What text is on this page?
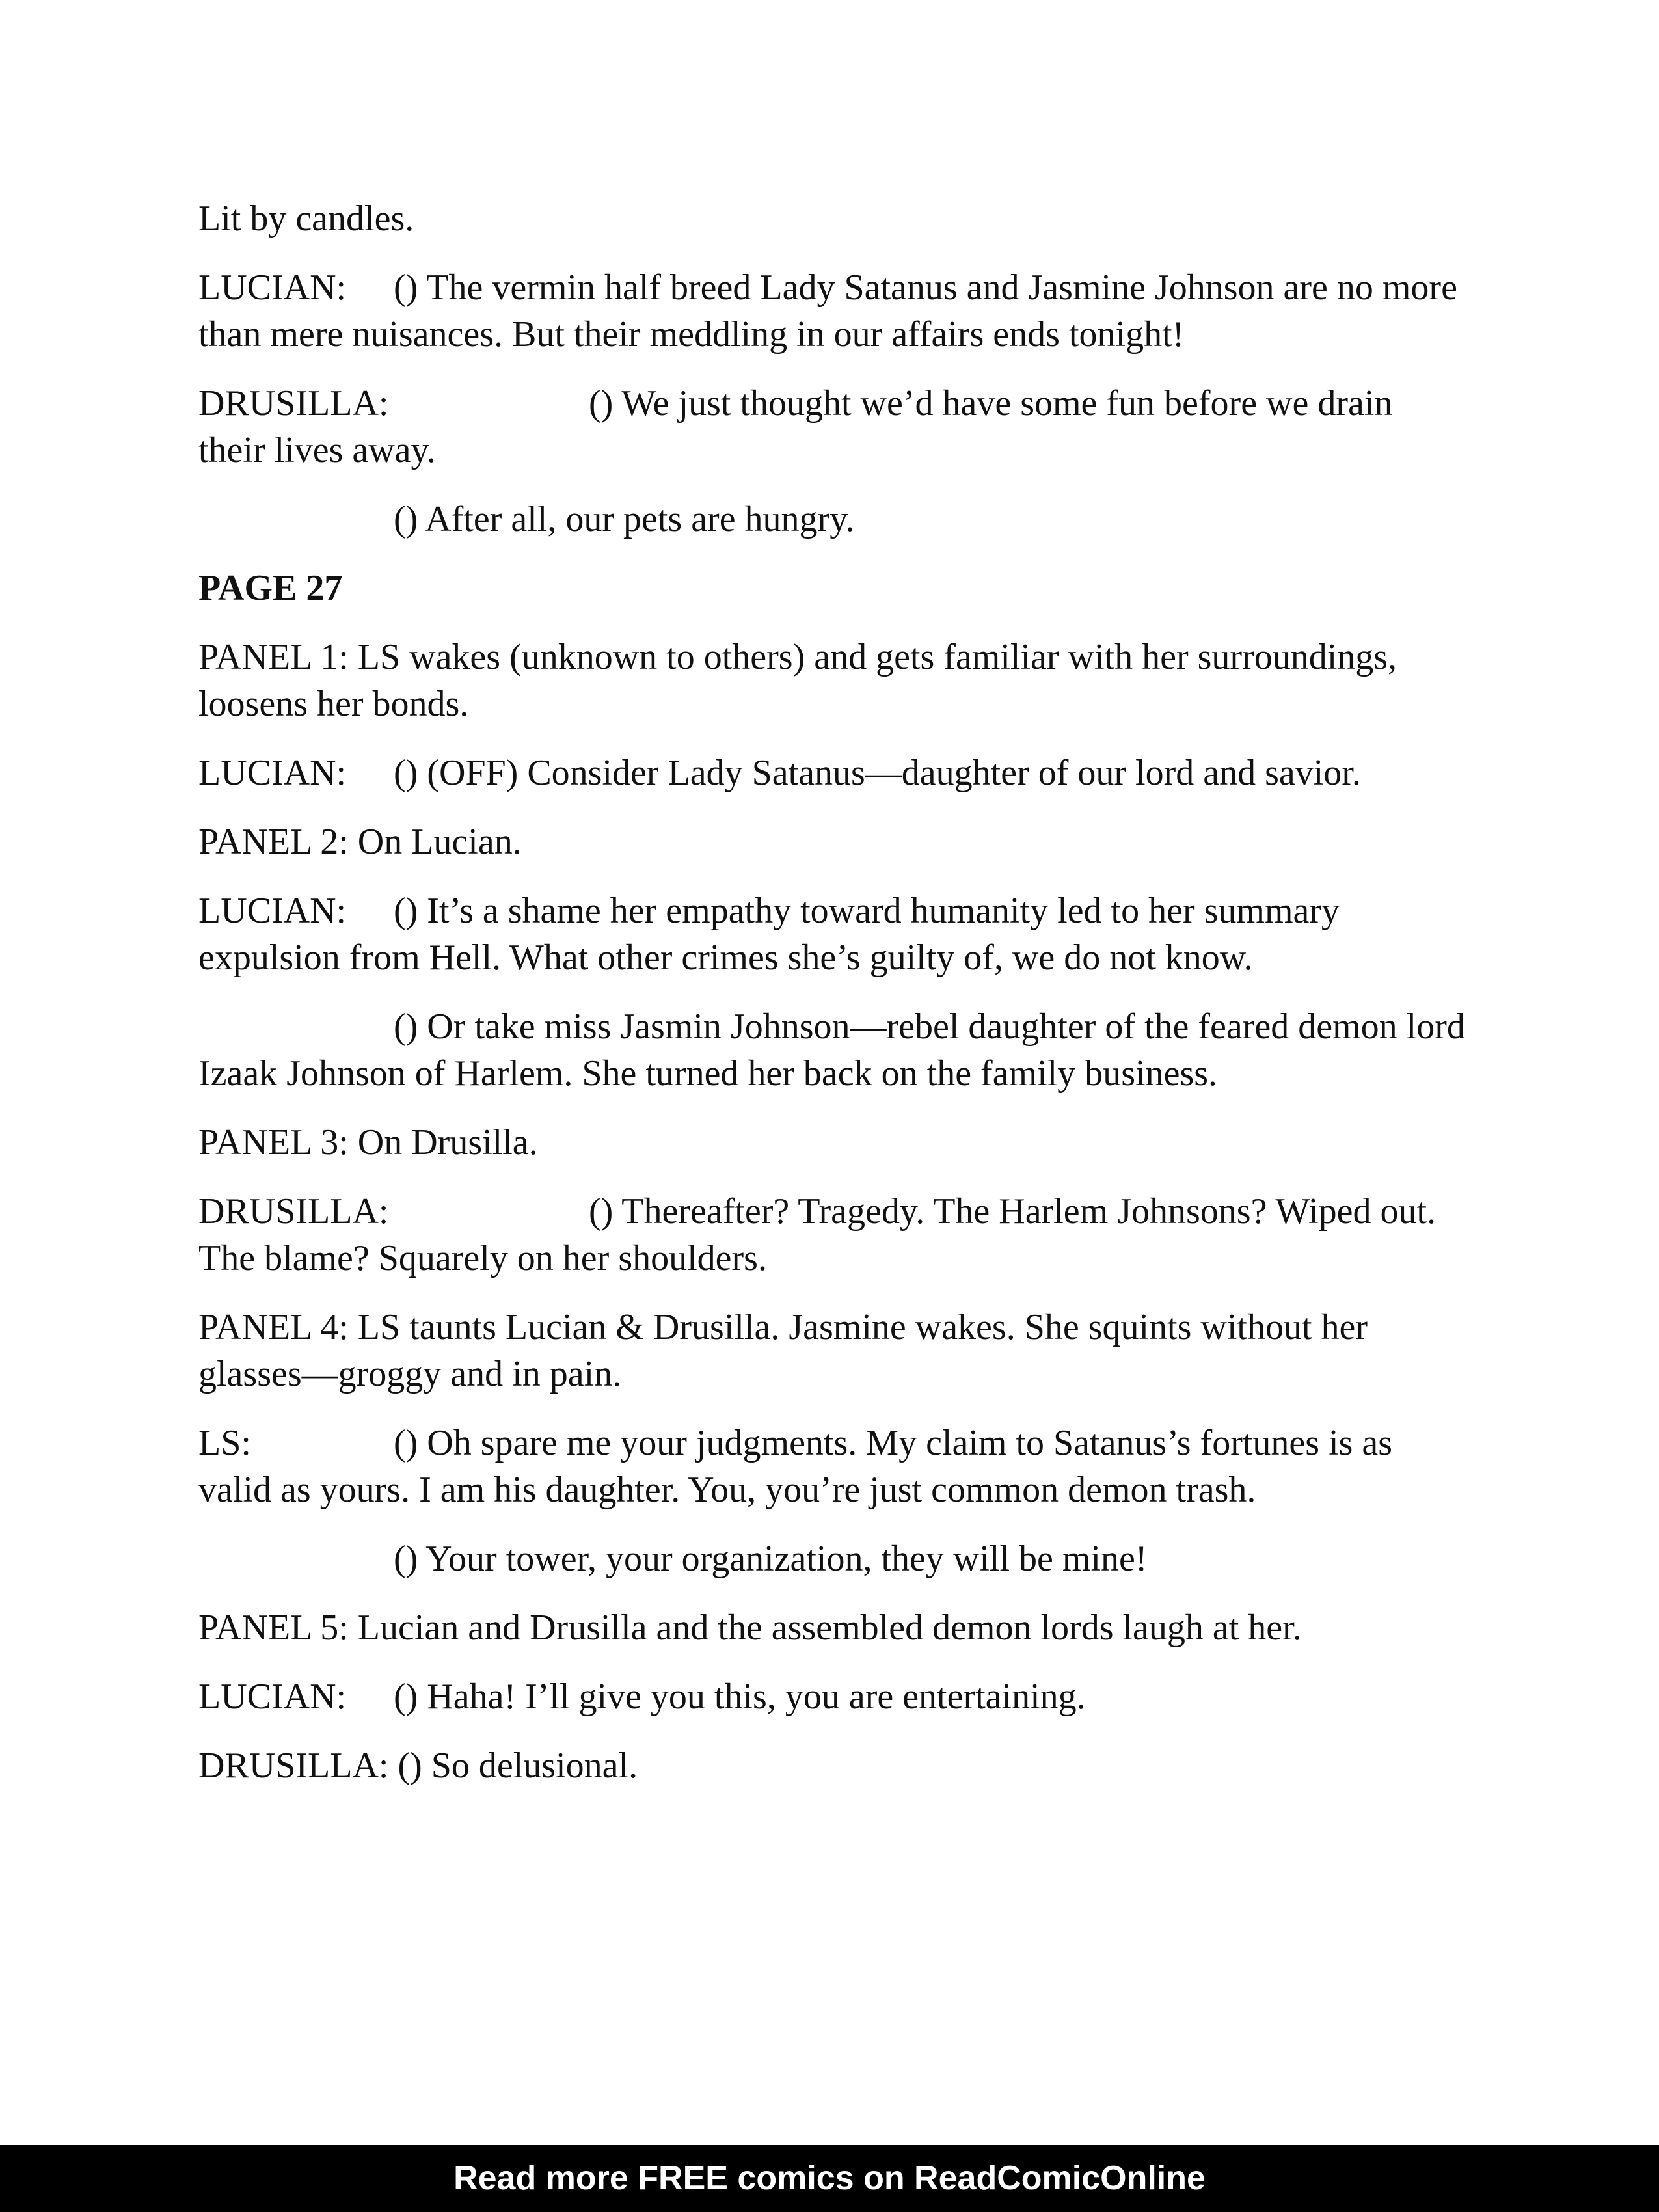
Lit by candles.

LUCIAN: () The vermin half breed Lady Satanus and Jasmine Johnson are no more than mere nuisances. But their meddling in our affairs ends tonight!

DRUSILLA:	() We just thought we’d have some fun before we drain their lives away.

() After all, our pets are hungry.

PAGE 27

PANEL 1: LS wakes (unknown to others) and gets familiar with her surroundings, loosens her bonds.

LUCIAN: () (OFF) Consider Lady Satanus—daughter of our lord and savior.

PANEL 2: On Lucian.

LUCIAN: () It’s a shame her empathy toward humanity led to her summary expulsion from Hell. What other crimes she’s guilty of, we do not know.

() Or take miss Jasmin Johnson—rebel daughter of the feared demon lord Izaak Johnson of Harlem. She turned her back on the family business.

PANEL 3: On Drusilla.

DRUSILLA:	() Thereafter? Tragedy. The Harlem Johnsons? Wiped out. The blame? Squarely on her shoulders.

PANEL 4: LS taunts Lucian & Drusilla. Jasmine wakes. She squints without her glasses—groggy and in pain.

LS:	() Oh spare me your judgments. My claim to Satanus’s fortunes is as valid as yours. I am his daughter. You, you’re just common demon trash.

() Your tower, your organization, they will be mine!

PANEL 5: Lucian and Drusilla and the assembled demon lords laugh at her.

LUCIAN: () Haha! I’ll give you this, you are entertaining.

DRUSILLA: () So delusional.

Read more FREE comics on ReadComicOnline
